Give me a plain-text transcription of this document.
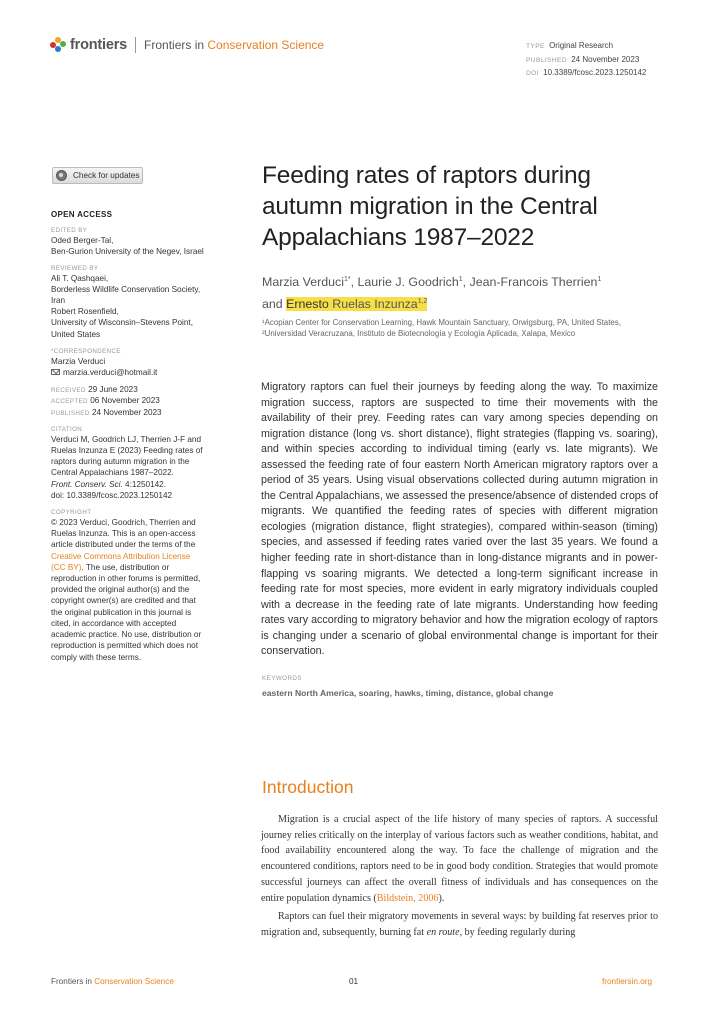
frontiers Frontiers in Conservation Science	TYPE Original Research
PUBLISHED 24 November 2023
DOI 10.3389/fcosc.2023.1250142
Check for updates
OPEN ACCESS
EDITED BY
Oded Berger-Tal,
Ben-Gurion University of the Negev, Israel
REVIEWED BY
Ali T. Qashqaei,
Borderless Wildlife Conservation Society,
Iran
Robert Rosenfield,
University of Wisconsin–Stevens Point,
United States
*CORRESPONDENCE
Marzia Verduci
marzia.verduci@hotmail.it
RECEIVED 29 June 2023
ACCEPTED 06 November 2023
PUBLISHED 24 November 2023
CITATION
Verduci M, Goodrich LJ, Therrien J-F and
Ruelas Inzunza E (2023) Feeding rates of
raptors during autumn migration in the
Central Appalachians 1987–2022.
Front. Conserv. Sci. 4:1250142.
doi: 10.3389/fcosc.2023.1250142
COPYRIGHT
© 2023 Verduci, Goodrich, Therrien and
Ruelas Inzunza. This is an open-access
article distributed under the terms of the
Creative Commons Attribution License
(CC BY). The use, distribution or
reproduction in other forums is permitted,
provided the original author(s) and the
copyright owner(s) are credited and that
the original publication in this journal is
cited, in accordance with accepted
academic practice. No use, distribution or
reproduction is permitted which does not
comply with these terms.
Feeding rates of raptors during
autumn migration in the Central
Appalachians 1987–2022
Marzia Verduci$^{1*}$, Laurie J. Goodrich$^1$, Jean-Francois Therrien$^1$
and Ernesto Ruelas Inzunza$^{1,2}$
¹Acopian Center for Conservation Learning, Hawk Mountain Sanctuary, Orwigsburg, PA, United States, ²Universidad Veracruzana, Instituto de Biotecnología y Ecología Aplicada, Xalapa, Mexico
Migratory raptors can fuel their journeys by feeding along the way. To maximize migration success, raptors are suspected to time their movements with the availability of their prey. Feeding rates can vary among species depending on migration distance (long vs. short distance), flight strategies (flapping vs. soaring), and within species according to individual timing (early vs. late migrants). We assessed the feeding rate of four eastern North American migratory raptors over a period of 35 years. Using visual observations collected during autumn migration in the Central Appalachians, we assessed the presence/absence of distended crops of migrants. We quantified the feeding rates of species with different migration ecologies (migration distance, flight strategies), compared within-season (timing) species, and assessed if feeding rates varied over the last 35 years. We found a higher feeding rate in short-distance than in long-distance migrants and in power-flapping vs soaring migrants. We detected a long-term significant increase in feeding rate for most species, more evident in early migratory individuals coupled with a decrease in the feeding rate of late migrants. Understanding how feeding rates vary according to migratory behavior and how the migration ecology of raptors is changing under a scenario of global environmental change is important for their conservation.
KEYWORDS
eastern North America, soaring, hawks, timing, distance, global change
Introduction

Migration is a crucial aspect of the life history of many species of raptors. A successful journey relies critically on the interplay of various factors such as weather conditions, habitat, and food availability encountered along the way. To face the challenge of migration and the encountered conditions, raptors need to be in good body condition. Strategies that would promote successful journeys can affect the overall fitness of individuals and has consequences on the entire population dynamics (Bildstein, 2006).

Raptors can fuel their migratory movements in several ways: by building fat reserves prior to migration and, subsequently, burning fat en route, by feeding regularly during

Frontiers in Conservation Science	01	frontiersin.org
